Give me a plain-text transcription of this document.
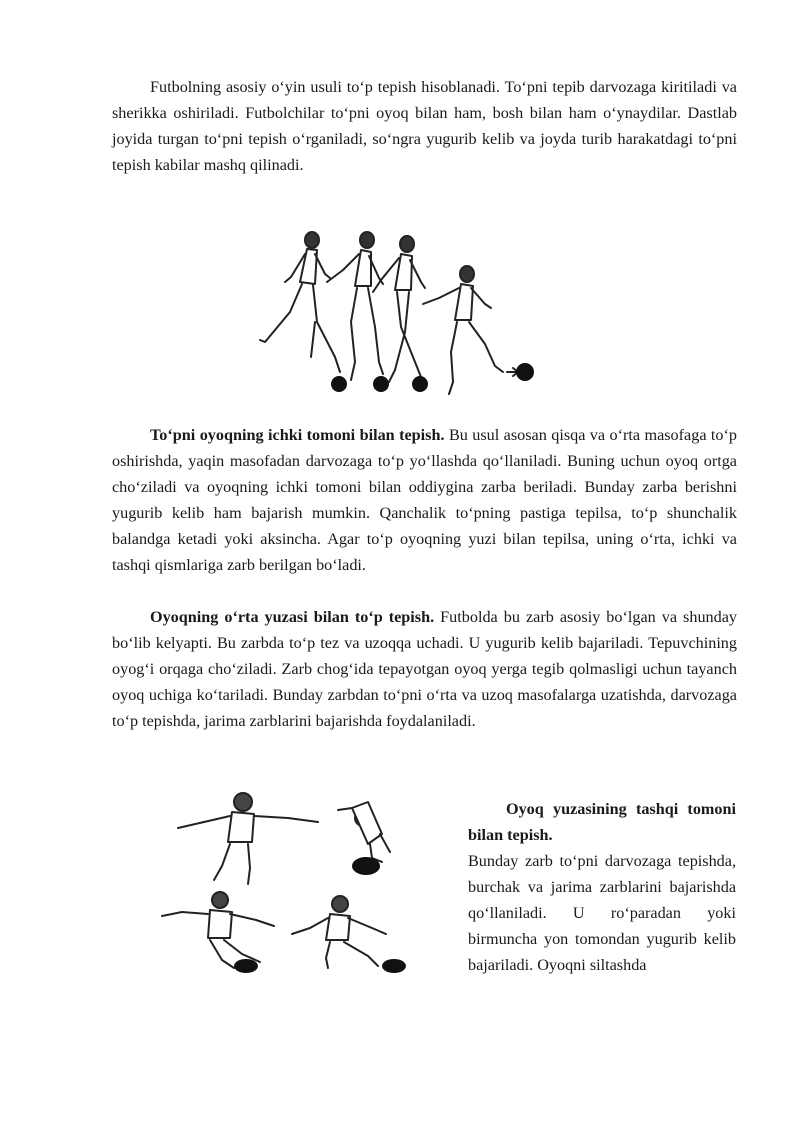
Futbolning asosiy o‘yin usuli to‘p tepish hisoblanadi. To‘pni tepib darvozaga kiritiladi va sherikka oshiriladi. Futbolchilar to‘pni oyoq bilan ham, bosh bilan ham o‘ynaydilar. Dastlab joyida turgan to‘pni tepish o‘rganiladi, so‘ngra yugurib kelib va joyda turib harakatdagi to‘pni tepish kabilar mashq qilinadi.

To‘pni oyoqning ichki tomoni bilan tepish. Bu usul asosan qisqa va o‘rta masofaga to‘p oshirishda, yaqin masofadan darvozaga to‘p yo‘llashda qo‘llaniladi. Buning uchun oyoq ortga cho‘ziladi va oyoqning ichki tomoni bilan oddiygina zarba beriladi. Bunday zarba berishni yugurib kelib ham bajarish mumkin. Qanchalik to‘pning pastiga tepilsa, to‘p shunchalik balandga ketadi yoki aksincha. Agar to‘p oyoqning yuzi bilan tepilsa, uning o‘rta, ichki va tashqi qismlariga zarb berilgan bo‘ladi.

Oyoqning o‘rta yuzasi bilan to‘p tepish. Futbolda bu zarb asosiy bo‘lgan va shunday bo‘lib kelyapti. Bu zarbda to‘p tez va uzoqqa uchadi. U yugurib kelib bajariladi. Tepuvchining oyog‘i orqaga cho‘ziladi. Zarb chog‘ida tepayotgan oyoq yerga tegib qolmasligi uchun tayanch oyoq uchiga ko‘tariladi. Bunday zarbdan to‘pni o‘rta va uzoq masofalarga uzatishda, darvozaga to‘p tepishda, jarima zarblarini bajarishda foydalaniladi.

Oyoq yuzasining tashqi tomoni bilan tepish.

Bunday zarb to‘pni darvozaga tepishda, burchak va jarima zarblarini bajarishda qo‘llaniladi. U ro‘paradan yoki birmuncha yon tomondan yugurib kelib bajariladi. Oyoqni siltashda
